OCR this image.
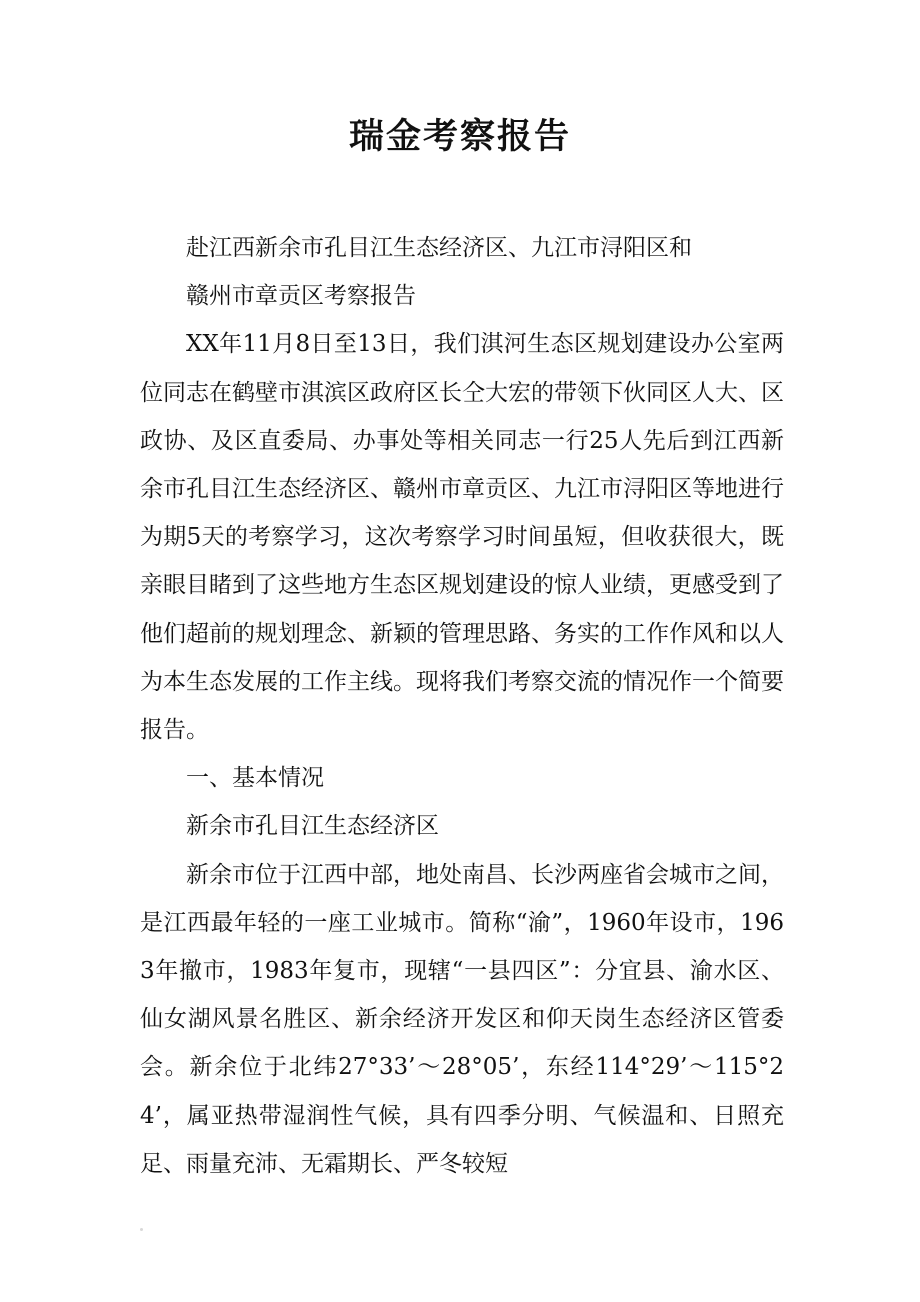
瑞金考察报告

赴江西新余市孔目江生态经济区、九江市浔阳区和

赣州市章贡区考察报告

XX年11月8日至13日，我们淇河生态区规划建设办公室两位同志在鹤壁市淇滨区政府区长仝大宏的带领下伙同区人大、区政协、及区直委局、办事处等相关同志一行25人先后到江西新余市孔目江生态经济区、赣州市章贡区、九江市浔阳区等地进行为期5天的考察学习，这次考察学习时间虽短，但收获很大，既亲眼目睹到了这些地方生态区规划建设的惊人业绩，更感受到了他们超前的规划理念、新颖的管理思路、务实的工作作风和以人为本生态发展的工作主线。现将我们考察交流的情况作一个简要报告。

一、基本情况

新余市孔目江生态经济区

新余市位于江西中部，地处南昌、长沙两座省会城市之间，是江西最年轻的一座工业城市。简称“渝”，1960年设市，1963年撤市，1983年复市，现辖“一县四区”：分宜县、渝水区、仙女湖风景名胜区、新余经济开发区和仰天岗生态经济区管委会。新余位于北纬27°33’～28°05’，东经114°29’～115°24’，属亚热带湿润性气候，具有四季分明、气候温和、日照充足、雨量充沛、无霜期长、严冬较短
